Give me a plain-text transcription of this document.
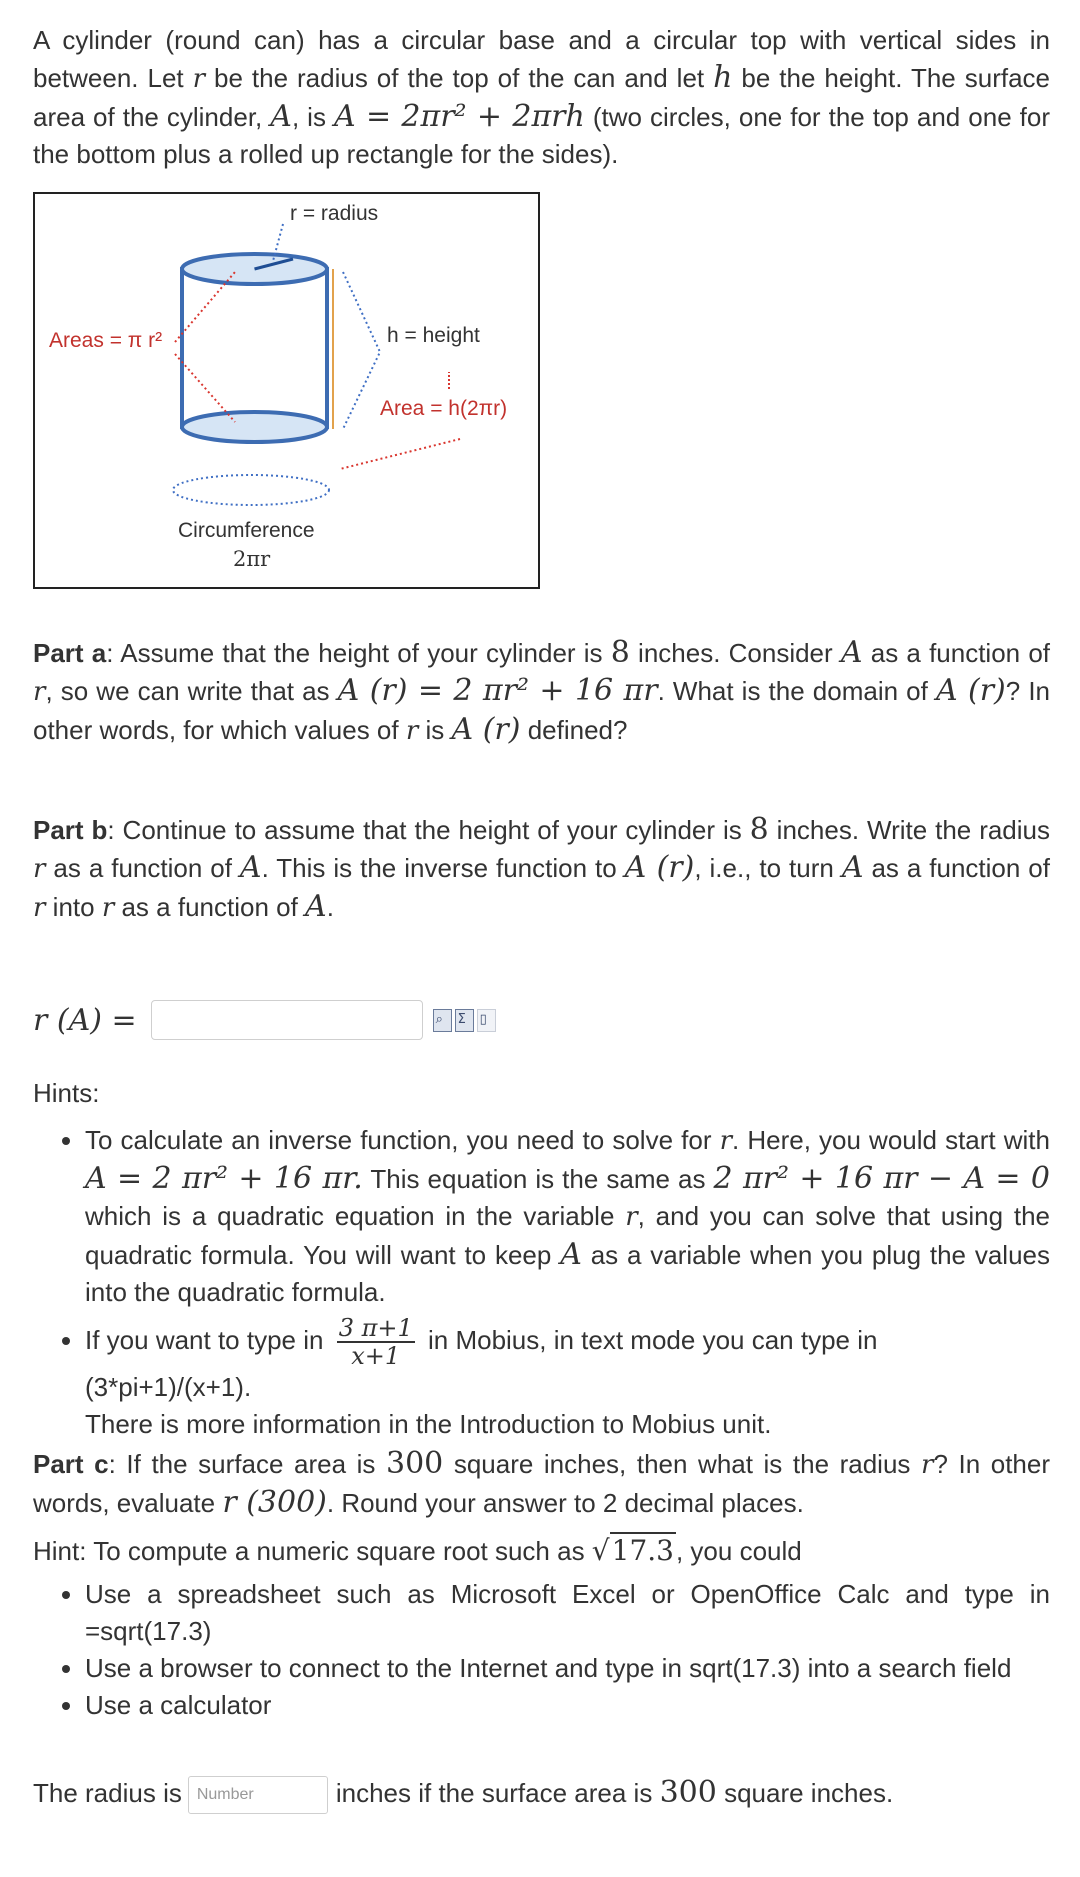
A cylinder (round can) has a circular base and a circular top with vertical sides in between. Let r be the radius of the top of the can and let h be the height. The surface area of the cylinder, A, is A = 2πr² + 2πrh (two circles, one for the top and one for the bottom plus a rolled up rectangle for the sides).

r = radius
Areas = π r²	h = height
Area = h(2πr)
Circumference
2πr

Part a: Assume that the height of your cylinder is 8 inches. Consider A as a function of r, so we can write that as A (r) = 2 πr² + 16 πr. What is the domain of A (r)? In other words, for which values of r is A (r) defined?

Part b: Continue to assume that the height of your cylinder is 8 inches. Write the radius r as a function of A. This is the inverse function to A (r), i.e., to turn A as a function of r into r as a function of A.

r (A) =	⌕ Σ ▯

Hints:

• To calculate an inverse function, you need to solve for r. Here, you would start with A = 2 πr² + 16 πr. This equation is the same as 2 πr² + 16 πr − A = 0 which is a quadratic equation in the variable r, and you can solve that using the quadratic formula. You will want to keep A as a variable when you plug the values into the quadratic formula.
• If you want to type in $\frac{3 \pi+1}{x+1}$ in Mobius, in text mode you can type in (3*pi+1)/(x+1).
There is more information in the Introduction to Mobius unit.

Part c: If the surface area is 300 square inches, then what is the radius r? In other words, evaluate r (300). Round your answer to 2 decimal places.

Hint: To compute a numeric square root such as √17.3, you could

• Use a spreadsheet such as Microsoft Excel or OpenOffice Calc and type in =sqrt(17.3)
• Use a browser to connect to the Internet and type in sqrt(17.3) into a search field
• Use a calculator
The radius is Number	inches if the surface area is 300 square inches.
